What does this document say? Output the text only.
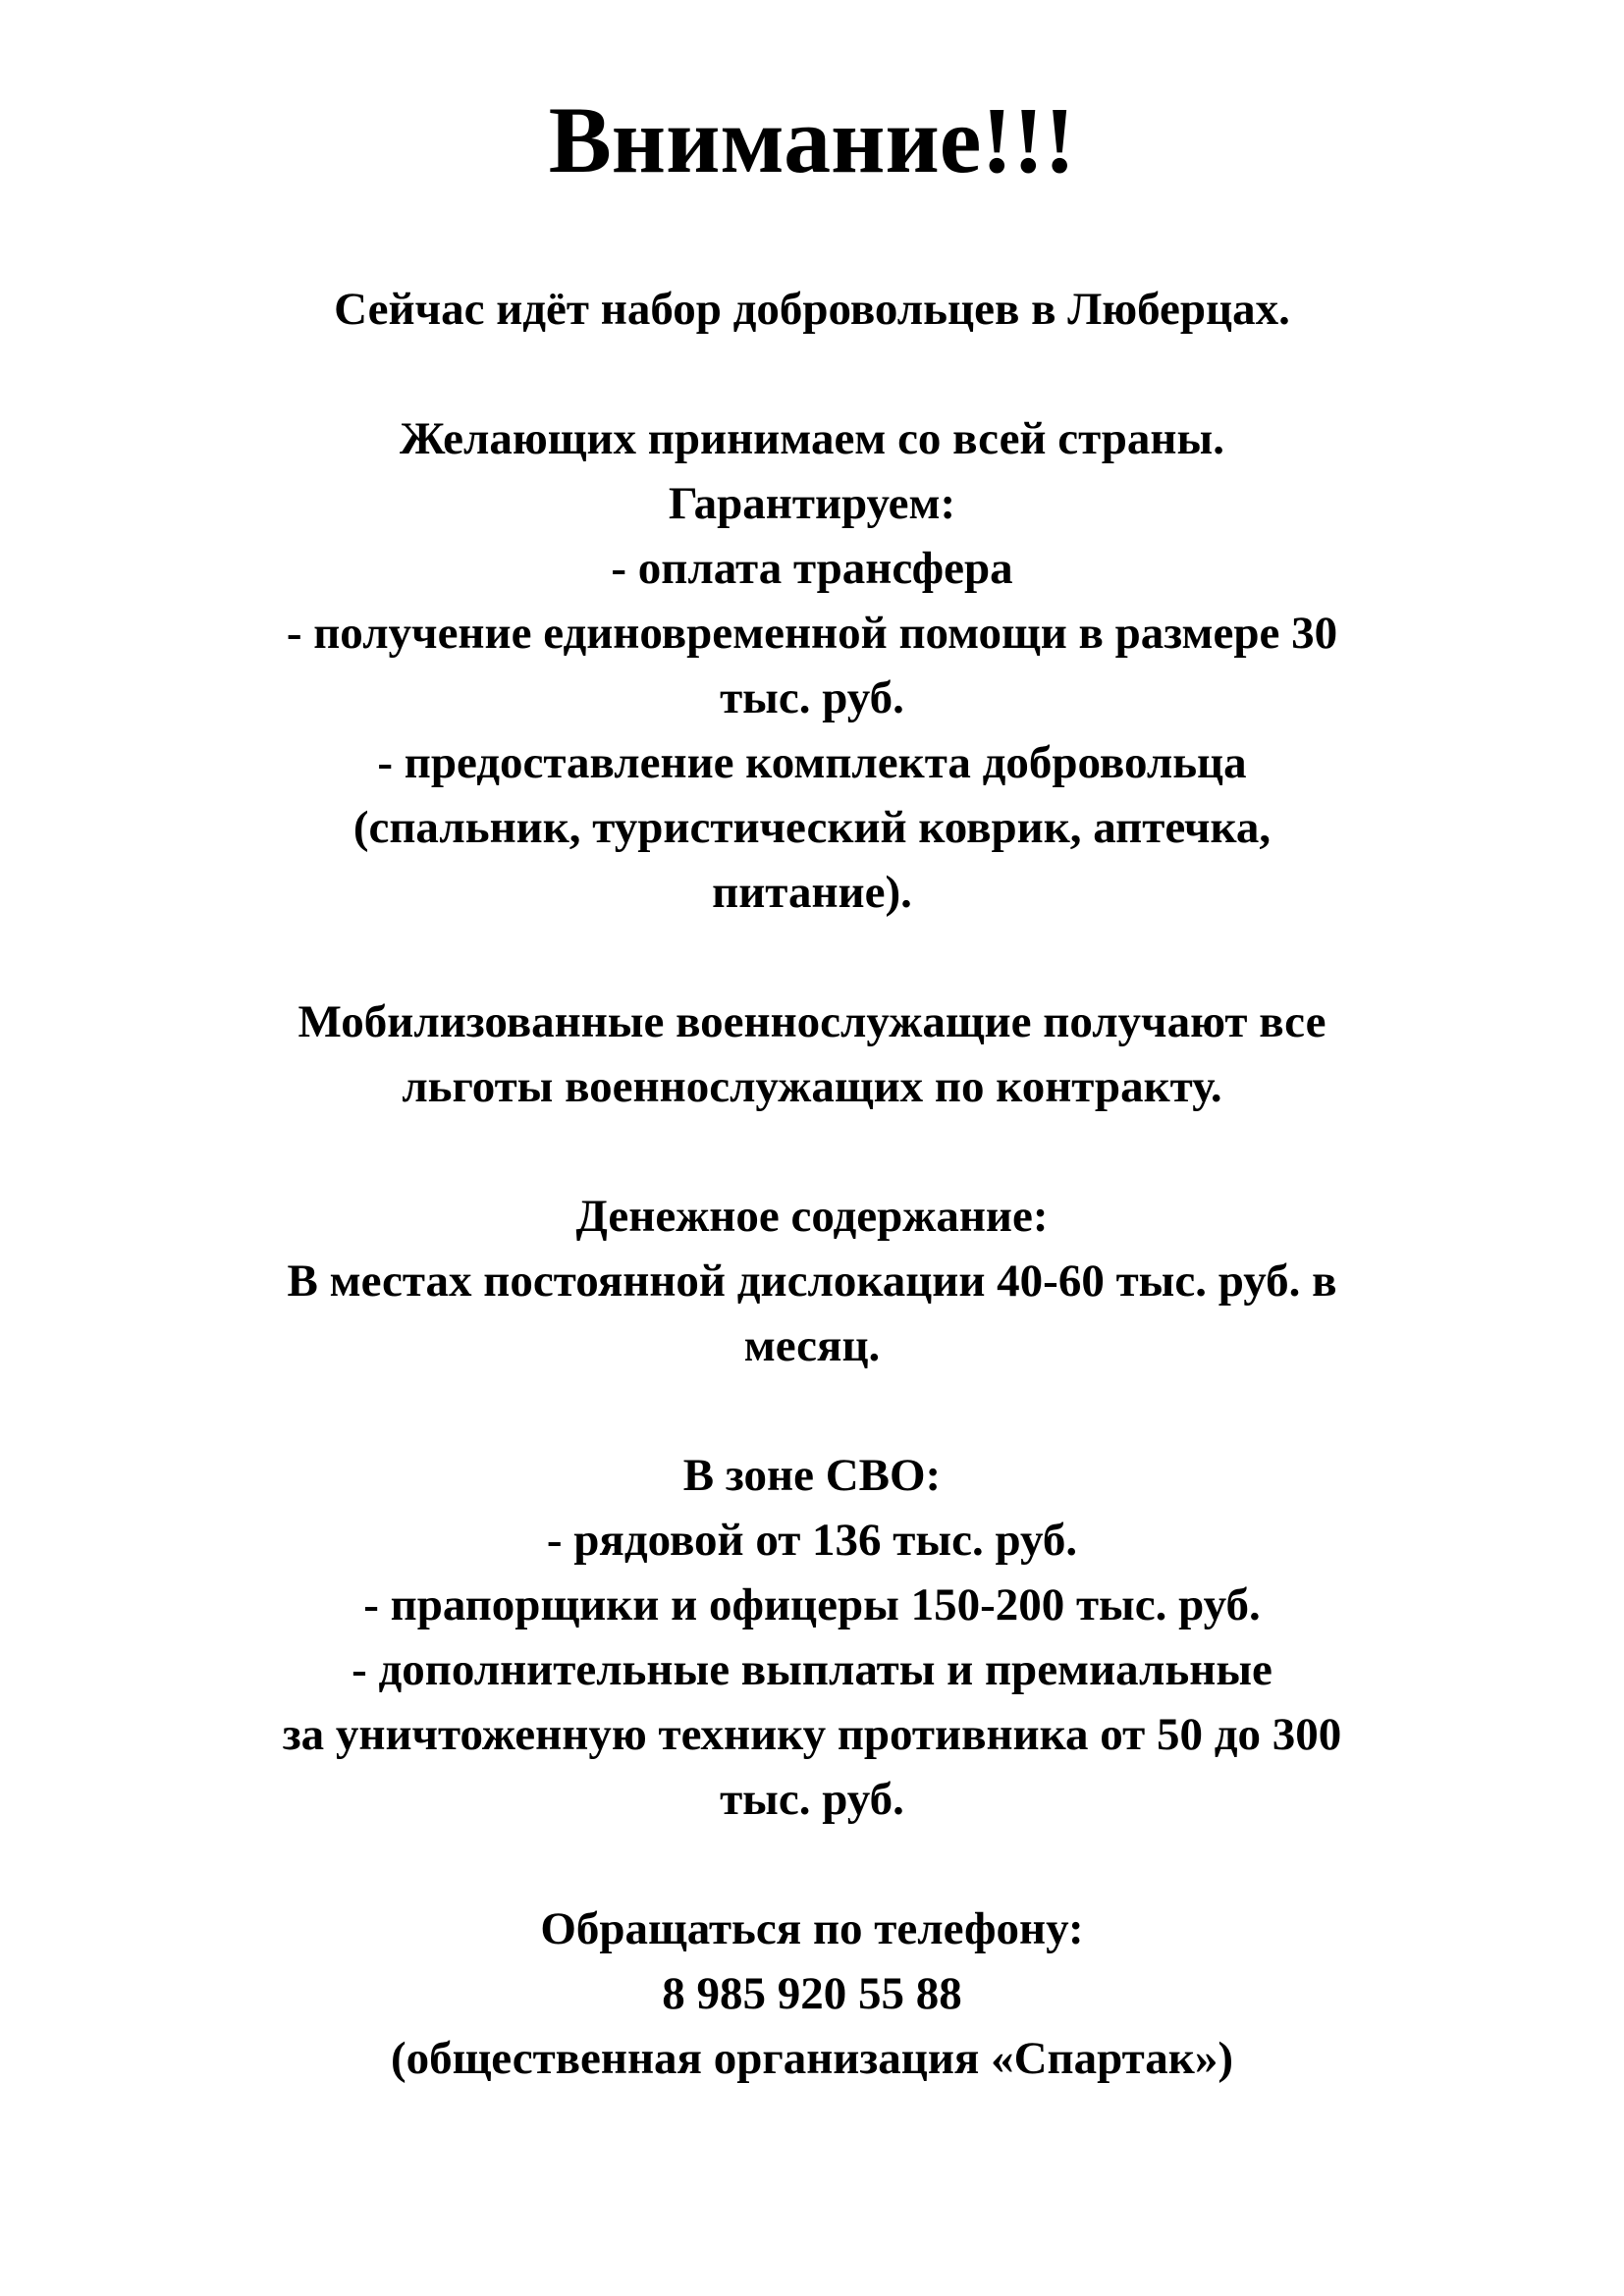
Внимание!!!
Сейчас идёт набор добровольцев в Люберцах.
Желающих принимаем со всей страны.
Гарантируем:
- оплата трансфера
- получение единовременной помощи в размере 30
тыс. руб.
- предоставление комплекта добровольца
(спальник, туристический коврик, аптечка,
питание).
Мобилизованные военнослужащие получают все
льготы военнослужащих по контракту.
Денежное содержание:
В местах постоянной дислокации 40-60 тыс. руб. в
месяц.
В зоне СВО:
- рядовой от 136 тыс. руб.
- прапорщики и офицеры 150-200 тыс. руб.
- дополнительные выплаты и премиальные
за уничтоженную технику противника от 50 до 300
тыс. руб.
Обращаться по телефону:
8 985 920 55 88
(общественная организация «Спартак»)
